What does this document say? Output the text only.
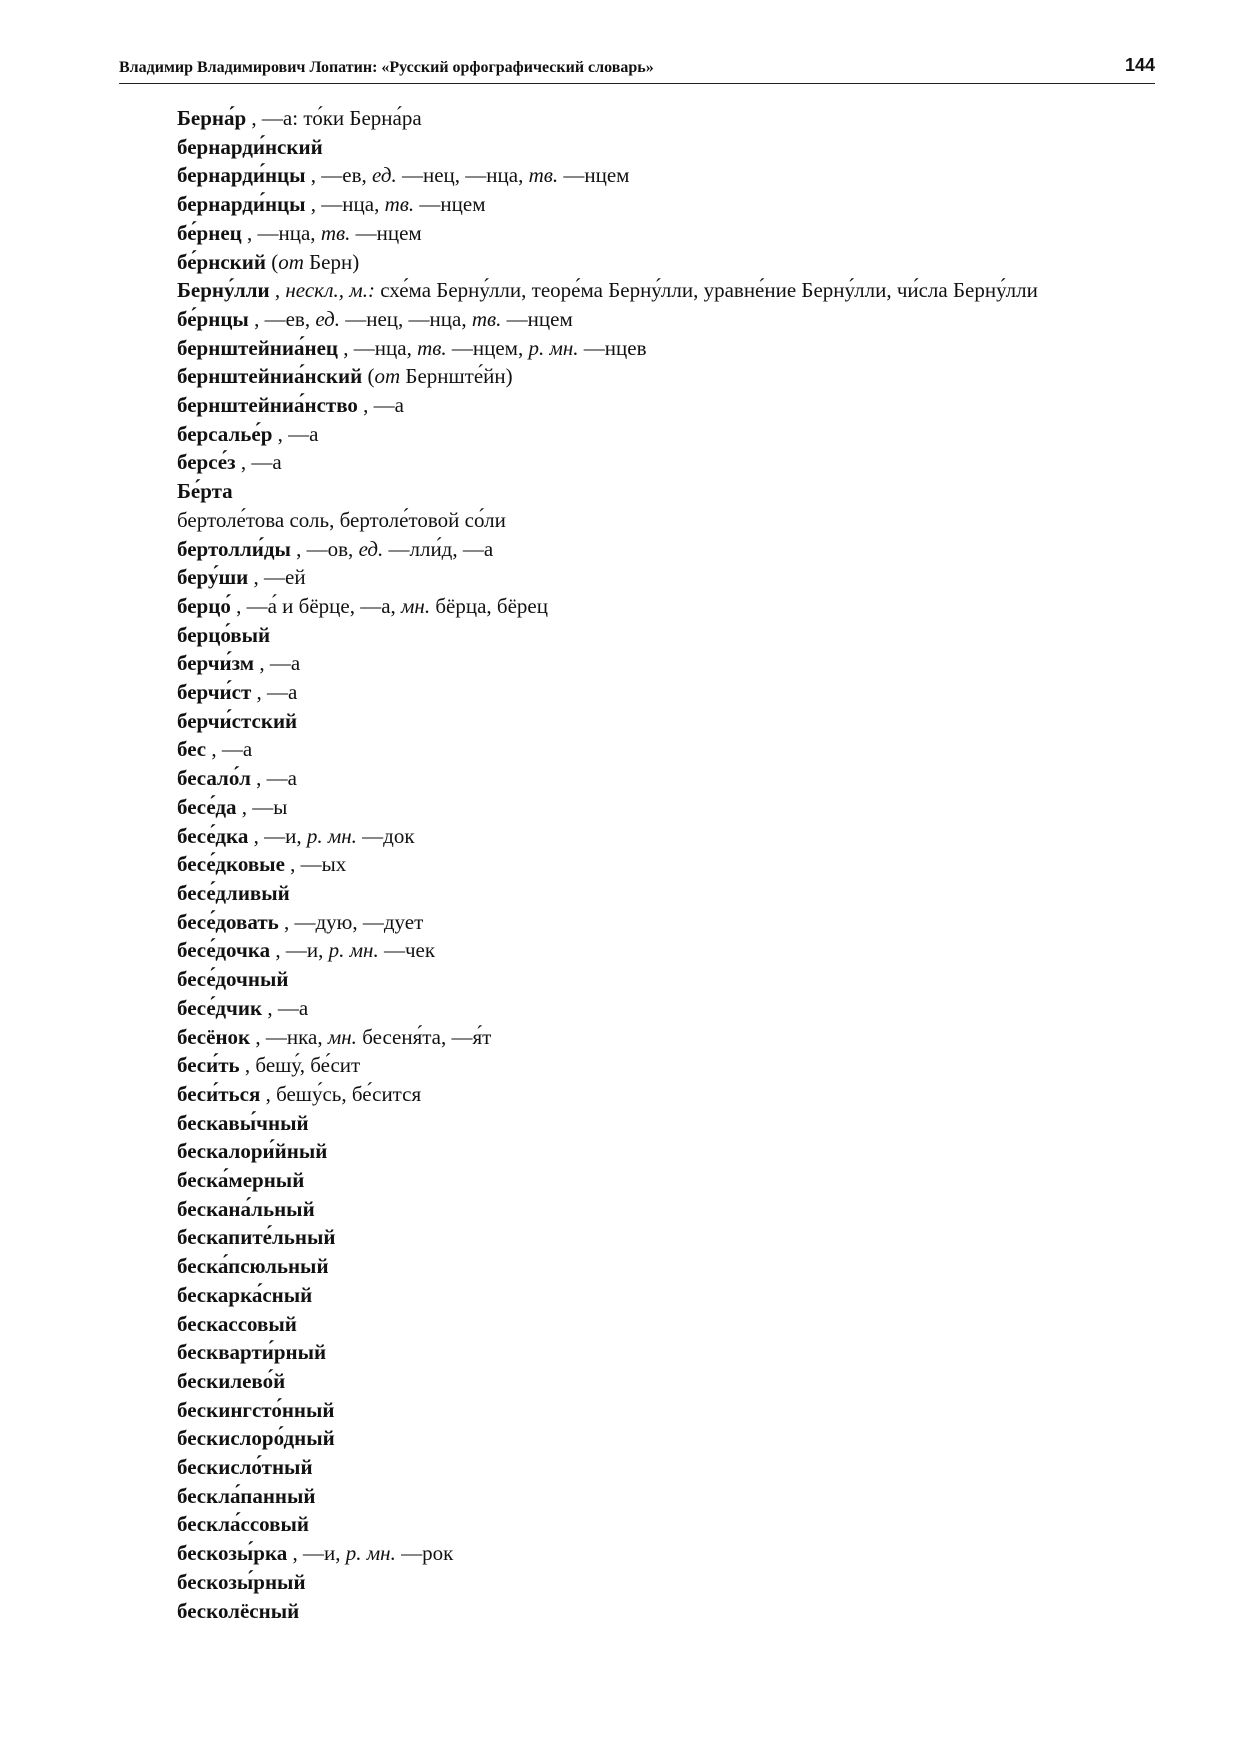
Владимир Владимирович Лопатин: «Русский орфографический словарь»	144
Берна́р , —а: то́ки Берна́ра
бернарди́нский
бернарди́нцы , —ев, ед. —нец, —нца, тв. —нцем
бернарди́нцы , —нца, тв. —нцем
бе́рнец , —нца, тв. —нцем
бе́рнский (от Берн)
Берну́лли , нескл., м.: схе́ма Берну́лли, теоре́ма Берну́лли, уравне́ние Берну́лли, чи́сла Берну́лли
бе́рнцы , —ев, ед. —нец, —нца, тв. —нцем
бернштейниа́нец , —нца, тв. —нцем, р. мн. —нцев
бернштейниа́нский (от Бернште́йн)
бернштейниа́нство , —а
берсалье́р , —а
берсе́з , —а
Бе́рта
бертоле́това соль, бертоле́товой со́ли
бертолли́ды , —ов, ед. —лли́д, —а
беру́ши , —ей
берцо́ , —а́ и бёрце, —а, мн. бёрца, бёрец
берцо́вый
берчи́зм , —а
берчи́ст , —а
берчи́стский
бес , —а
бесало́л , —а
бесе́да , —ы
бесе́дка , —и, р. мн. —док
бесе́дковые , —ых
бесе́дливый
бесе́довать , —дую, —дует
бесе́дочка , —и, р. мн. —чек
бесе́дочный
бесе́дчик , —а
бесёнок , —нка, мн. бесеня́та, —я́т
беси́ть , бешу́, бе́сит
беси́ться , бешу́сь, бе́сится
бескавы́чный
бескалори́йный
беска́мерный
бескана́льный
бескапите́льный
беска́псюльный
бескарка́сный
бескассовый
бескварти́рный
бескилево́й
бескингсто́нный
бескислоро́дный
бескисло́тный
бескла́панный
бескла́ссовый
бескозы́рка , —и, р. мн. —рок
бескозы́рный
бесколёсный
